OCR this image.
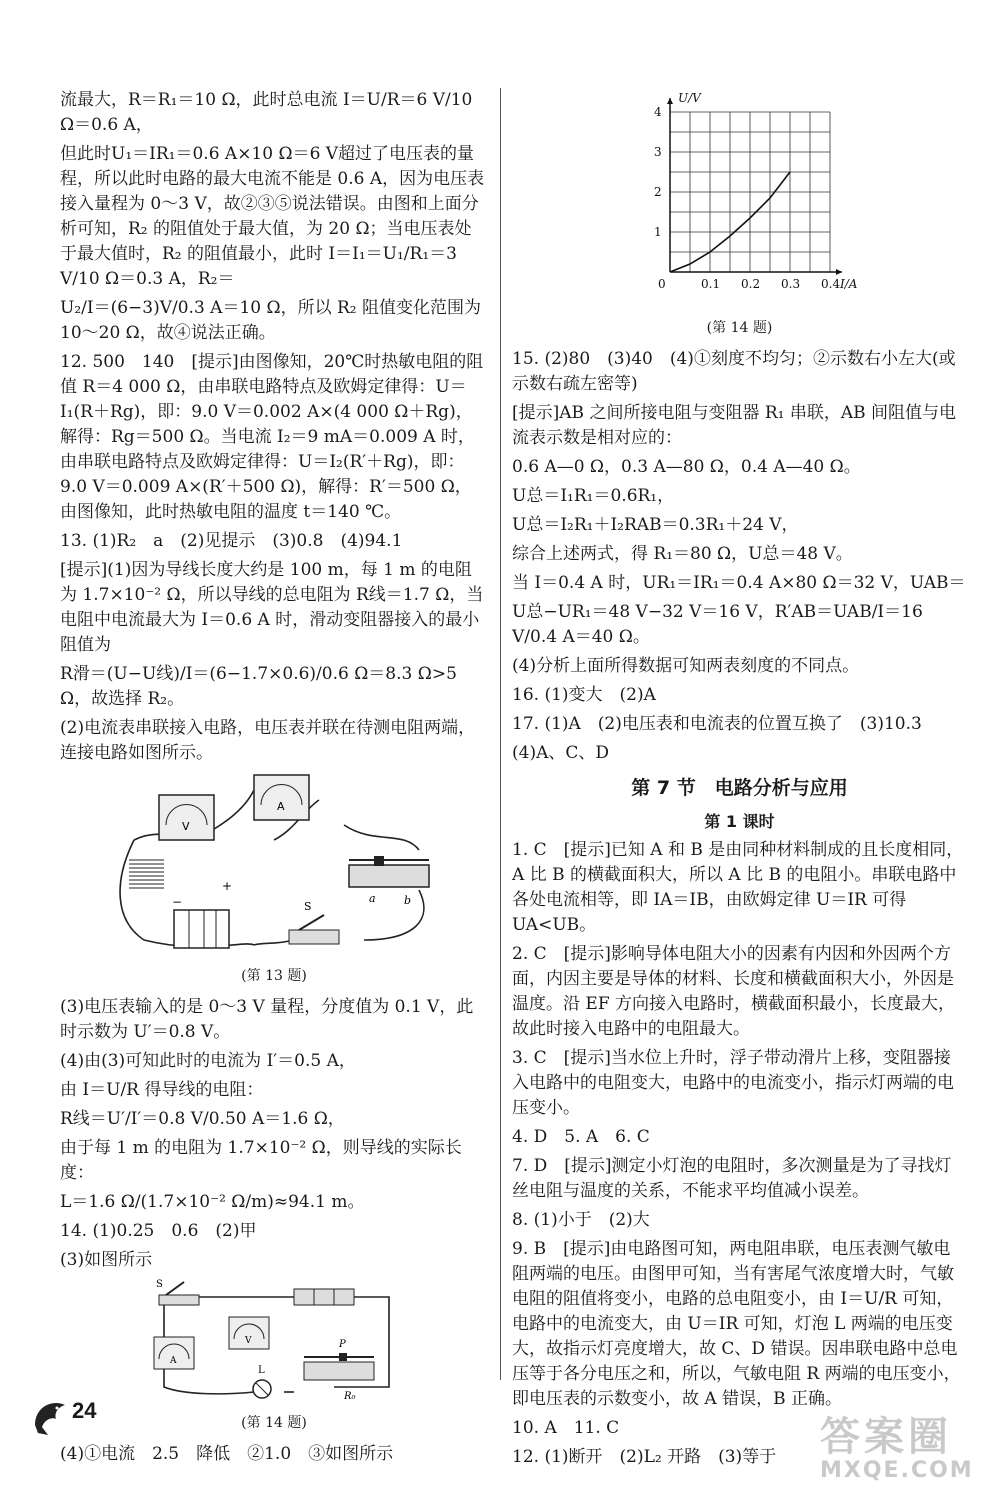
流最大，R＝R₁＝10 Ω，此时总电流 I＝U/R＝6 V/10 Ω＝0.6 A，

但此时U₁＝IR₁＝0.6 A×10 Ω＝6 V超过了电压表的量程，所以此时电路的最大电流不能是 0.6 A，因为电压表接入量程为 0～3 V，故②③⑤说法错误。由图和上面分析可知，R₂ 的阻值处于最大值，为 20 Ω；当电压表处于最大值时，R₂ 的阻值最小，此时 I＝I₁＝U₁/R₁＝3 V/10 Ω＝0.3 A，R₂＝

U₂/I＝(6−3)V/0.3 A＝10 Ω，所以 R₂ 阻值变化范围为 10～20 Ω，故④说法正确。

12. 500　140　[提示]由图像知，20℃时热敏电阻的阻值 R＝4 000 Ω，由串联电路特点及欧姆定律得：U＝I₁(R＋Rg)，即：9.0 V＝0.002 A×(4 000 Ω＋Rg)，解得：Rg＝500 Ω。当电流 I₂＝9 mA＝0.009 A 时，由串联电路特点及欧姆定律得：U＝I₂(R′＋Rg)，即：9.0 V＝0.009 A×(R′＋500 Ω)，解得：R′＝500 Ω，由图像知，此时热敏电阻的温度 t＝140 ℃。

13. (1)R₂　a　(2)见提示　(3)0.8　(4)94.1

[提示](1)因为导线长度大约是 100 m，每 1 m 的电阻为 1.7×10⁻² Ω，所以导线的总电阻为 R线＝1.7 Ω，当电阻中电流最大为 I＝0.6 A 时，滑动变阻器接入的最小阻值为

R滑＝(U−U线)/I＝(6−1.7×0.6)/0.6 Ω＝8.3 Ω>5 Ω，故选择 R₂。

(2)电流表串联接入电路，电压表并联在待测电阻两端，连接电路如图所示。

V
A
a	b
−
+
S
(第 13 题)

(3)电压表输入的是 0～3 V 量程，分度值为 0.1 V，此时示数为 U′＝0.8 V。

(4)由(3)可知此时的电流为 I′＝0.5 A，

由 I＝U/R 得导线的电阻：

R线＝U′/I′＝0.8 V/0.50 A＝1.6 Ω，

由于每 1 m 的电阻为 1.7×10⁻² Ω，则导线的实际长度：

L＝1.6 Ω/(1.7×10⁻² Ω/m)≈94.1 m。

14. (1)0.25　0.6　(2)甲

(3)如图所示

S
A
V
L
P
R₀
(第 14 题)

(4)①电流　2.5　降低　②1.0　③如图所示

0	0.1 0.2 0.3 0.4
1
2
3
4
I/A
U/V
(第 14 题)

15. (2)80　(3)40　(4)①刻度不均匀；②示数右小左大(或示数右疏左密等)

[提示]AB 之间所接电阻与变阻器 R₁ 串联，AB 间阻值与电流表示数是相对应的：

0.6 A—0 Ω，0.3 A—80 Ω，0.4 A—40 Ω。

U总＝I₁R₁＝0.6R₁，

U总＝I₂R₁＋I₂RAB＝0.3R₁＋24 V，

综合上述两式，得 R₁＝80 Ω，U总＝48 V。

当 I＝0.4 A 时，UR₁＝IR₁＝0.4 A×80 Ω＝32 V，UAB＝

U总−UR₁＝48 V−32 V＝16 V，R′AB＝UAB/I＝16 V/0.4 A＝40 Ω。

(4)分析上面所得数据可知两表刻度的不同点。

16. (1)变大　(2)A

17. (1)A　(2)电压表和电流表的位置互换了　(3)10.3

(4)A、C、D

第 7 节　电路分析与应用
第 1 课时

1. C　[提示]已知 A 和 B 是由同种材料制成的且长度相同，A 比 B 的横截面积大，所以 A 比 B 的电阻小。串联电路中各处电流相等，即 IA＝IB，由欧姆定律 U＝IR 可得 UA<UB。

2. C　[提示]影响导体电阻大小的因素有内因和外因两个方面，内因主要是导体的材料、长度和横截面积大小，外因是温度。沿 EF 方向接入电路时，横截面积最小，长度最大，故此时接入电路中的电阻最大。

3. C　[提示]当水位上升时，浮子带动滑片上移，变阻器接入电路中的电阻变大，电路中的电流变小，指示灯两端的电压变小。

4. D　5. A　6. C

7. D　[提示]测定小灯泡的电阻时，多次测量是为了寻找灯丝电阻与温度的关系，不能求平均值减小误差。

8. (1)小于　(2)大

9. B　[提示]由电路图可知，两电阻串联，电压表测气敏电阻两端的电压。由图甲可知，当有害尾气浓度增大时，气敏电阻的阻值将变小，电路的总电阻变小，由 I＝U/R 可知，电路中的电流变大，由 U＝IR 可知，灯泡 L 两端的电压变大，故指示灯亮度增大，故 C、D 错误。因串联电路中总电压等于各分电压之和，所以，气敏电阻 R 两端的电压变小，即电压表的示数变小，故 A 错误，B 正确。

10. A　11. C

12. (1)断开　(2)L₂ 开路　(3)等于

24
答案圈
MXQE.COM
